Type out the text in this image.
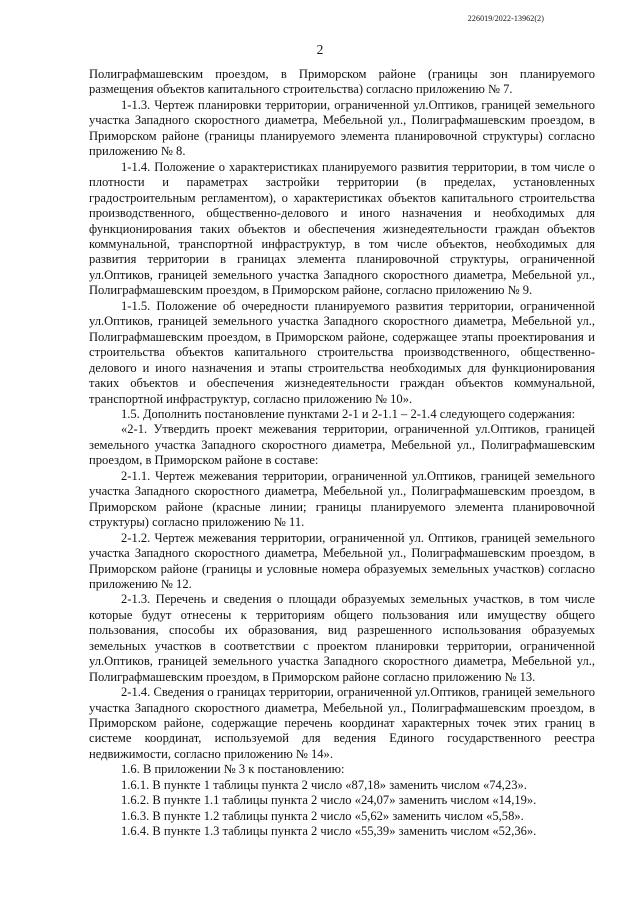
226019/2022-13962(2)
2

Полиграфмашевским проездом, в Приморском районе (границы зон планируемого размещения объектов капитального строительства) согласно приложению № 7.

1-1.3. Чертеж планировки территории, ограниченной ул.Оптиков, границей земельного участка Западного скоростного диаметра, Мебельной ул., Полиграфмашевским проездом, в Приморском районе (границы планируемого элемента планировочной структуры) согласно приложению № 8.

1-1.4. Положение о характеристиках планируемого развития территории, в том числе о плотности и параметрах застройки территории (в пределах, установленных градостроительным регламентом), о характеристиках объектов капитального строительства производственного, общественно-делового и иного назначения и необходимых для функционирования таких объектов и обеспечения жизнедеятельности граждан объектов коммунальной, транспортной инфраструктур, в том числе объектов, необходимых для развития территории в границах элемента планировочной структуры, ограниченной ул.Оптиков, границей земельного участка Западного скоростного диаметра, Мебельной ул., Полиграфмашевским проездом, в Приморском районе, согласно приложению № 9.

1-1.5. Положение об очередности планируемого развития территории, ограниченной ул.Оптиков, границей земельного участка Западного скоростного диаметра, Мебельной ул., Полиграфмашевским проездом, в Приморском районе, содержащее этапы проектирования и строительства объектов капитального строительства производственного, общественно-делового и иного назначения и этапы строительства необходимых для функционирования таких объектов и обеспечения жизнедеятельности граждан объектов коммунальной, транспортной инфраструктур, согласно приложению № 10».

1.5. Дополнить постановление пунктами 2-1 и 2-1.1 – 2-1.4 следующего содержания:

«2-1. Утвердить проект межевания территории, ограниченной ул.Оптиков, границей земельного участка Западного скоростного диаметра, Мебельной ул., Полиграфмашевским проездом, в Приморском районе в составе:

2-1.1. Чертеж межевания территории, ограниченной ул.Оптиков, границей земельного участка Западного скоростного диаметра, Мебельной ул., Полиграфмашевским проездом, в Приморском районе (красные линии; границы планируемого элемента планировочной структуры) согласно приложению № 11.

2-1.2. Чертеж межевания территории, ограниченной ул. Оптиков, границей земельного участка Западного скоростного диаметра, Мебельной ул., Полиграфмашевским проездом, в Приморском районе (границы и условные номера образуемых земельных участков) согласно приложению № 12.

2-1.3. Перечень и сведения о площади образуемых земельных участков, в том числе которые будут отнесены к территориям общего пользования или имуществу общего пользования, способы их образования, вид разрешенного использования образуемых земельных участков в соответствии с проектом планировки территории, ограниченной ул.Оптиков, границей земельного участка Западного скоростного диаметра, Мебельной ул., Полиграфмашевским проездом, в Приморском районе согласно приложению № 13.

2-1.4. Сведения о границах территории, ограниченной ул.Оптиков, границей земельного участка Западного скоростного диаметра, Мебельной ул., Полиграфмашевским проездом, в Приморском районе, содержащие перечень координат характерных точек этих границ в системе координат, используемой для ведения Единого государственного реестра недвижимости, согласно приложению № 14».

1.6. В приложении № 3 к постановлению:

1.6.1. В пункте 1 таблицы пункта 2 число «87,18» заменить числом «74,23».

1.6.2. В пункте 1.1 таблицы пункта 2 число «24,07» заменить числом «14,19».

1.6.3. В пункте 1.2 таблицы пункта 2 число «5,62» заменить числом «5,58».

1.6.4. В пункте 1.3 таблицы пункта 2 число «55,39» заменить числом «52,36».
